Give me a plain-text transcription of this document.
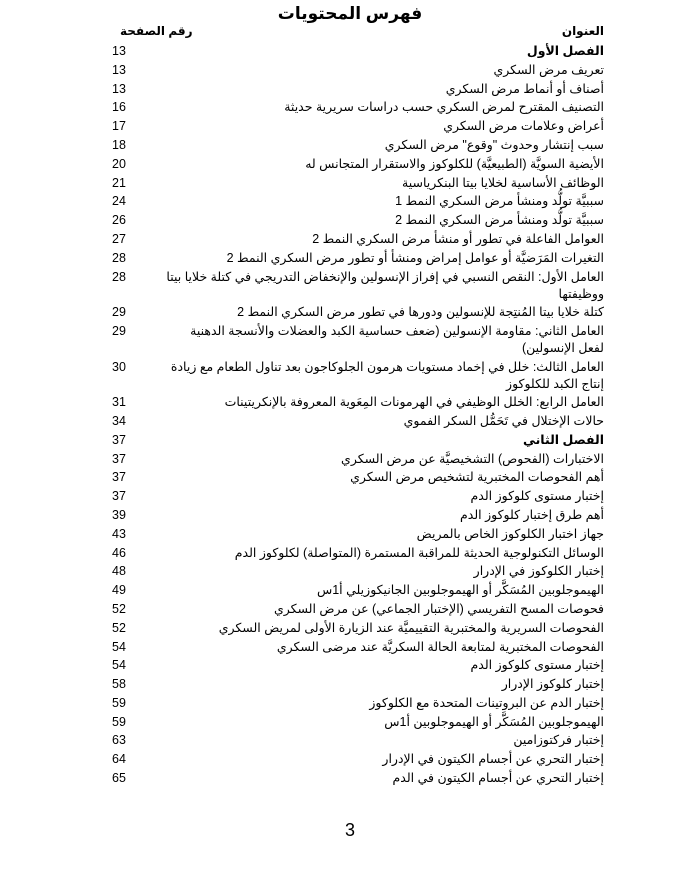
فهرس المحتويات
العنوان
رقم الصفحة
الفصل الأول
13
تعريف مرض السكري
13
أصناف أو أنماط مرض السكري
13
التصنيف المقترح لمرض السكري حسب دراسات سريرية حديثة
16
أعراض وعلامات مرض السكري
17
سبب إنتشار وحدوث "وقوع" مرض السكري
18
الأيضية السويَّة (الطبيعيَّة) للكلوكوز والاستقرار المتجانس له
20
الوظائف الأساسية لخلايا بيتا البنكرياسية
21
سببيَّة تولُّد ومنشأ مرض السكري النمط 1
24
سببيَّة تولُّد ومنشأ مرض السكري النمط 2
26
العوامل الفاعلة في تطور أو منشأ مرض السكري النمط 2
27
التغيرات المَرَضيَّة أو عوامل إمراض ومنشأ أو تطور مرض السكري النمط 2
28
العامل الأول: النقص النسبي في إفراز الإنسولين والإنخفاض التدريجي في كتلة خلايا بيتا ووظيفتها
28
كتلة خلايا بيتا المُنتِجة للإنسولين ودورها في تطور مرض السكري النمط 2
29
العامل الثاني: مقاومة الإنسولين (ضعف حساسية الكبد والعضلات والأنسجة الدهنية لفعل الإنسولين)
29
العامل الثالث: خلل في إخماد مستويات هرمون الجلوكاجون بعد تناول الطعام مع زيادة إنتاج الكبد للكلوكوز
30
العامل الرابع: الخلل الوظيفي في الهرمونات المِعَوية المعروفة بالإنكريتينات
31
حالات الإختلال في تَحَمُّل السكر الفموي
34
الفصل الثاني
37
الاختبارات (الفحوص) التشخيصيَّة عن مرض السكري
37
أهم الفحوصات المختبرية لتشخيص مرض السكري
37
إختبار مستوى كلوكوز الدم
37
أهم طرق إختبار كلوكوز الدم
39
جهاز اختبار الكلوكوز الخاص بالمريض
43
الوسائل التكنولوجية الحديثة للمراقبة المستمرة (المتواصلة) لكلوكوز الدم
46
إختبار الكلوكوز في الإدرار
48
الهيموجلوبين المُسَكَّر أو الهيموجلوبين الجانيكوزيلي أ1س
49
فحوصات المسح التفريسي (الإختبار الجماعي) عن مرض السكري
52
الفحوصات السريرية والمختبرية التقييميَّة عند الزيارة الأولى لمريض السكري
52
الفحوصات المختبرية لمتابعة الحالة السكريَّة عند مرضى السكري
54
إختبار مستوى كلوكوز الدم
54
إختبار كلوكوز الإدرار
58
إختبار الدم عن البروتينات المتحدة مع الكلوكوز
59
الهيموجلوبين المُسَكَّر أو الهيموجلوبين أ1س
59
إختبار فركتوزامين
63
إختبار التحري عن أجسام الكيتون في الإدرار
64
إختبار التحري عن أجسام الكيتون في الدم
65
3
